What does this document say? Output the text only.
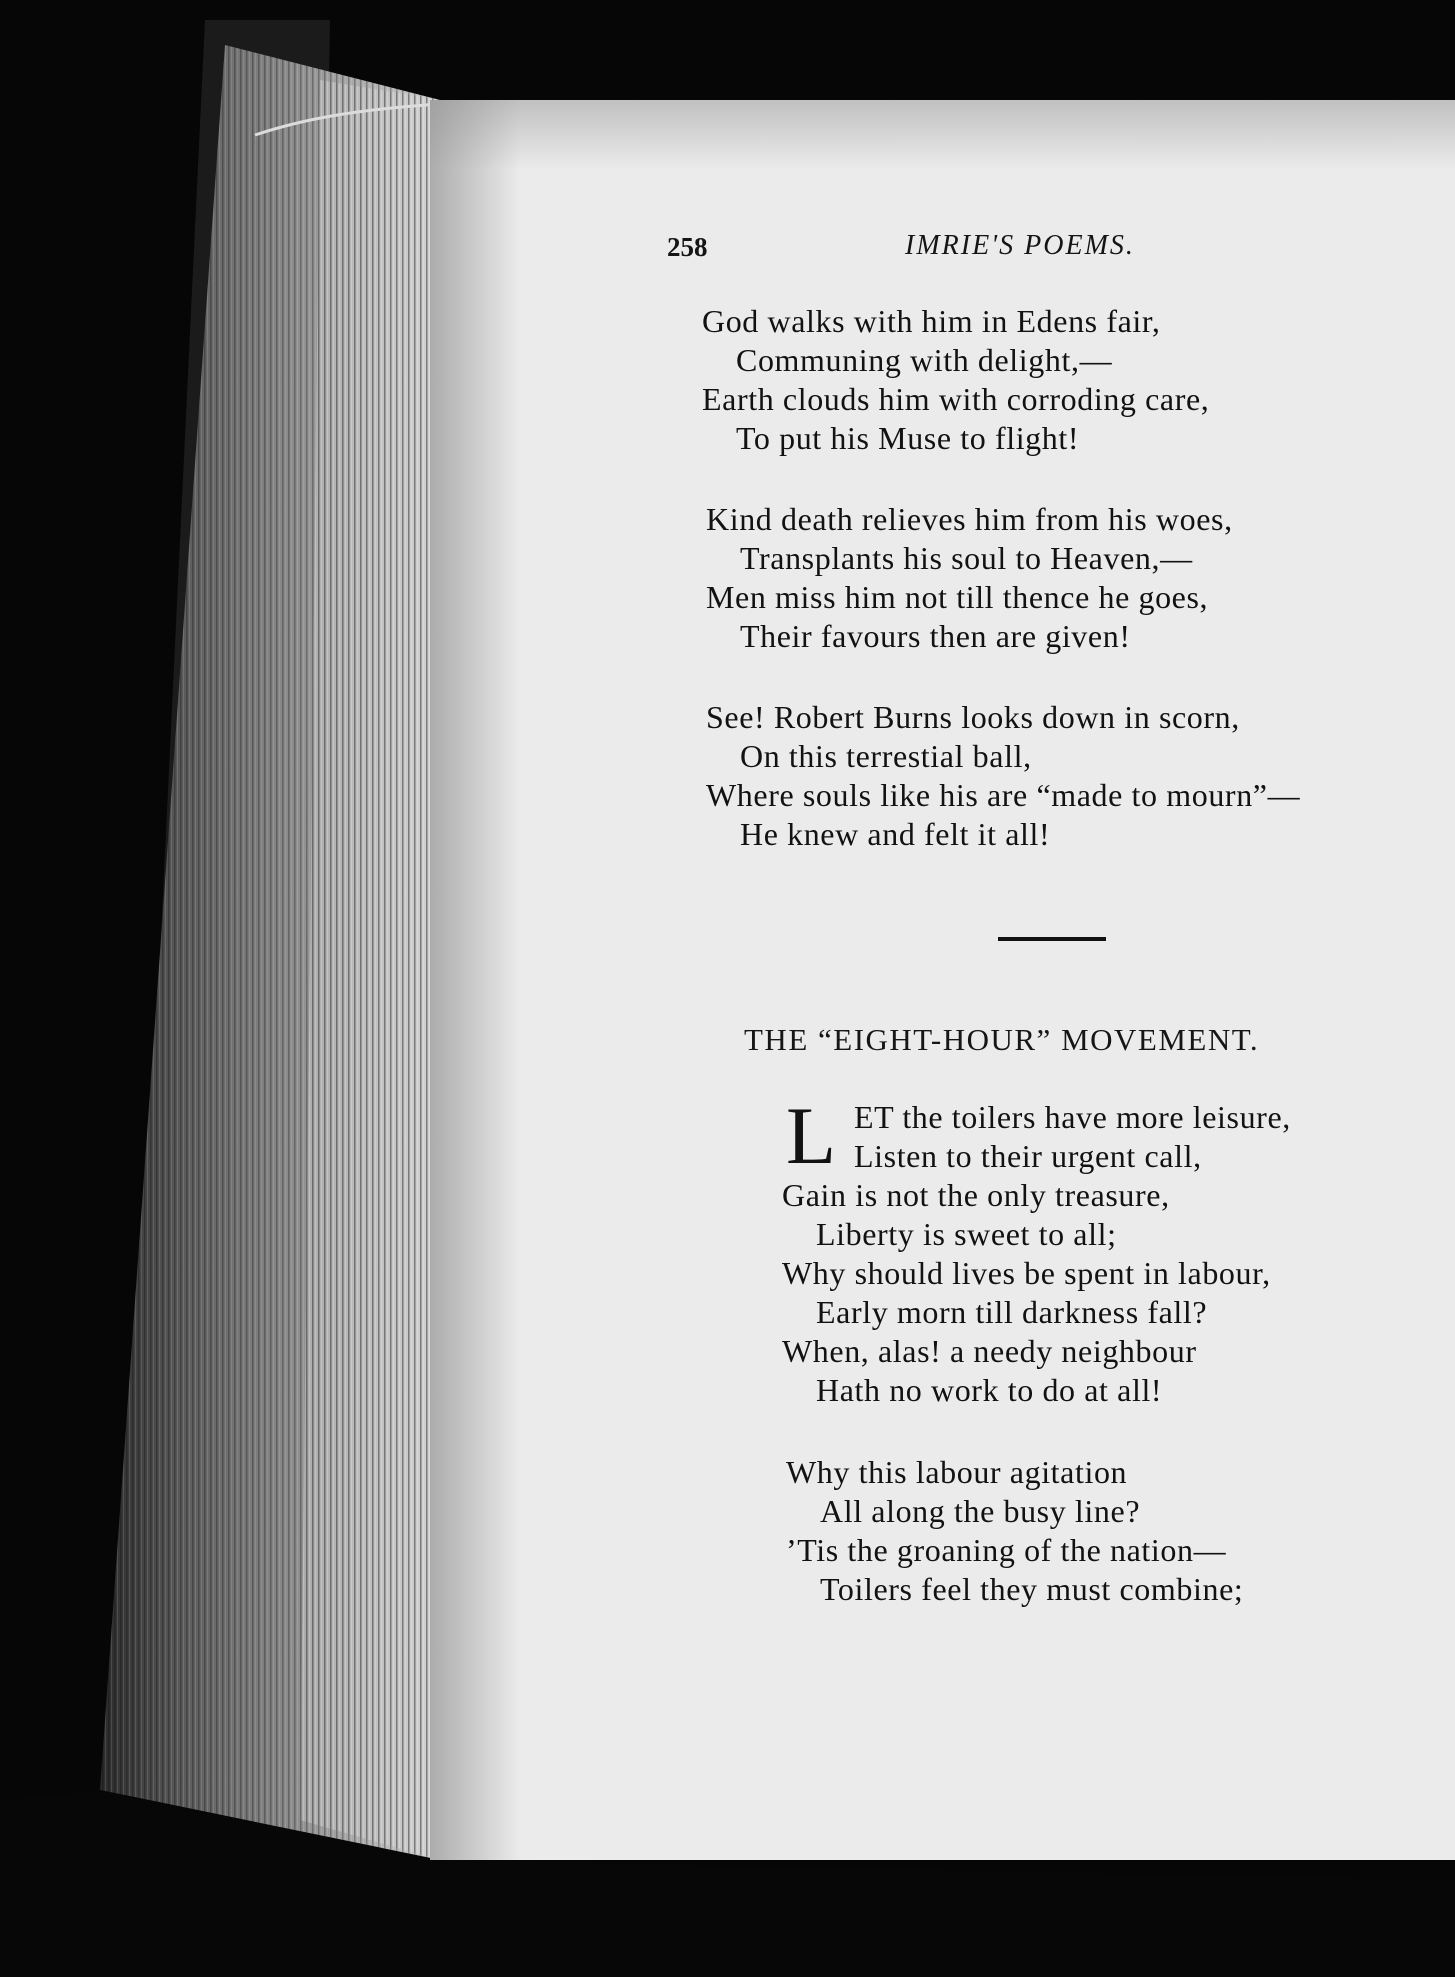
258	IMRIE'S POEMS.
God walks with him in Edens fair,
Communing with delight,—
Earth clouds him with corroding care,
To put his Muse to flight!
Kind death relieves him from his woes,
Transplants his soul to Heaven,—
Men miss him not till thence he goes,
Their favours then are given!
See! Robert Burns looks down in scorn,
On this terrestial ball,
Where souls like his are “made to mourn”—
He knew and felt it all!
THE “EIGHT-HOUR” MOVEMENT.
L ET the toilers have more leisure,
Listen to their urgent call,
Gain is not the only treasure,
Liberty is sweet to all;
Why should lives be spent in labour,
Early morn till darkness fall?
When, alas! a needy neighbour
Hath no work to do at all!
Why this labour agitation
All along the busy line?
’Tis the groaning of the nation—
Toilers feel they must combine;
